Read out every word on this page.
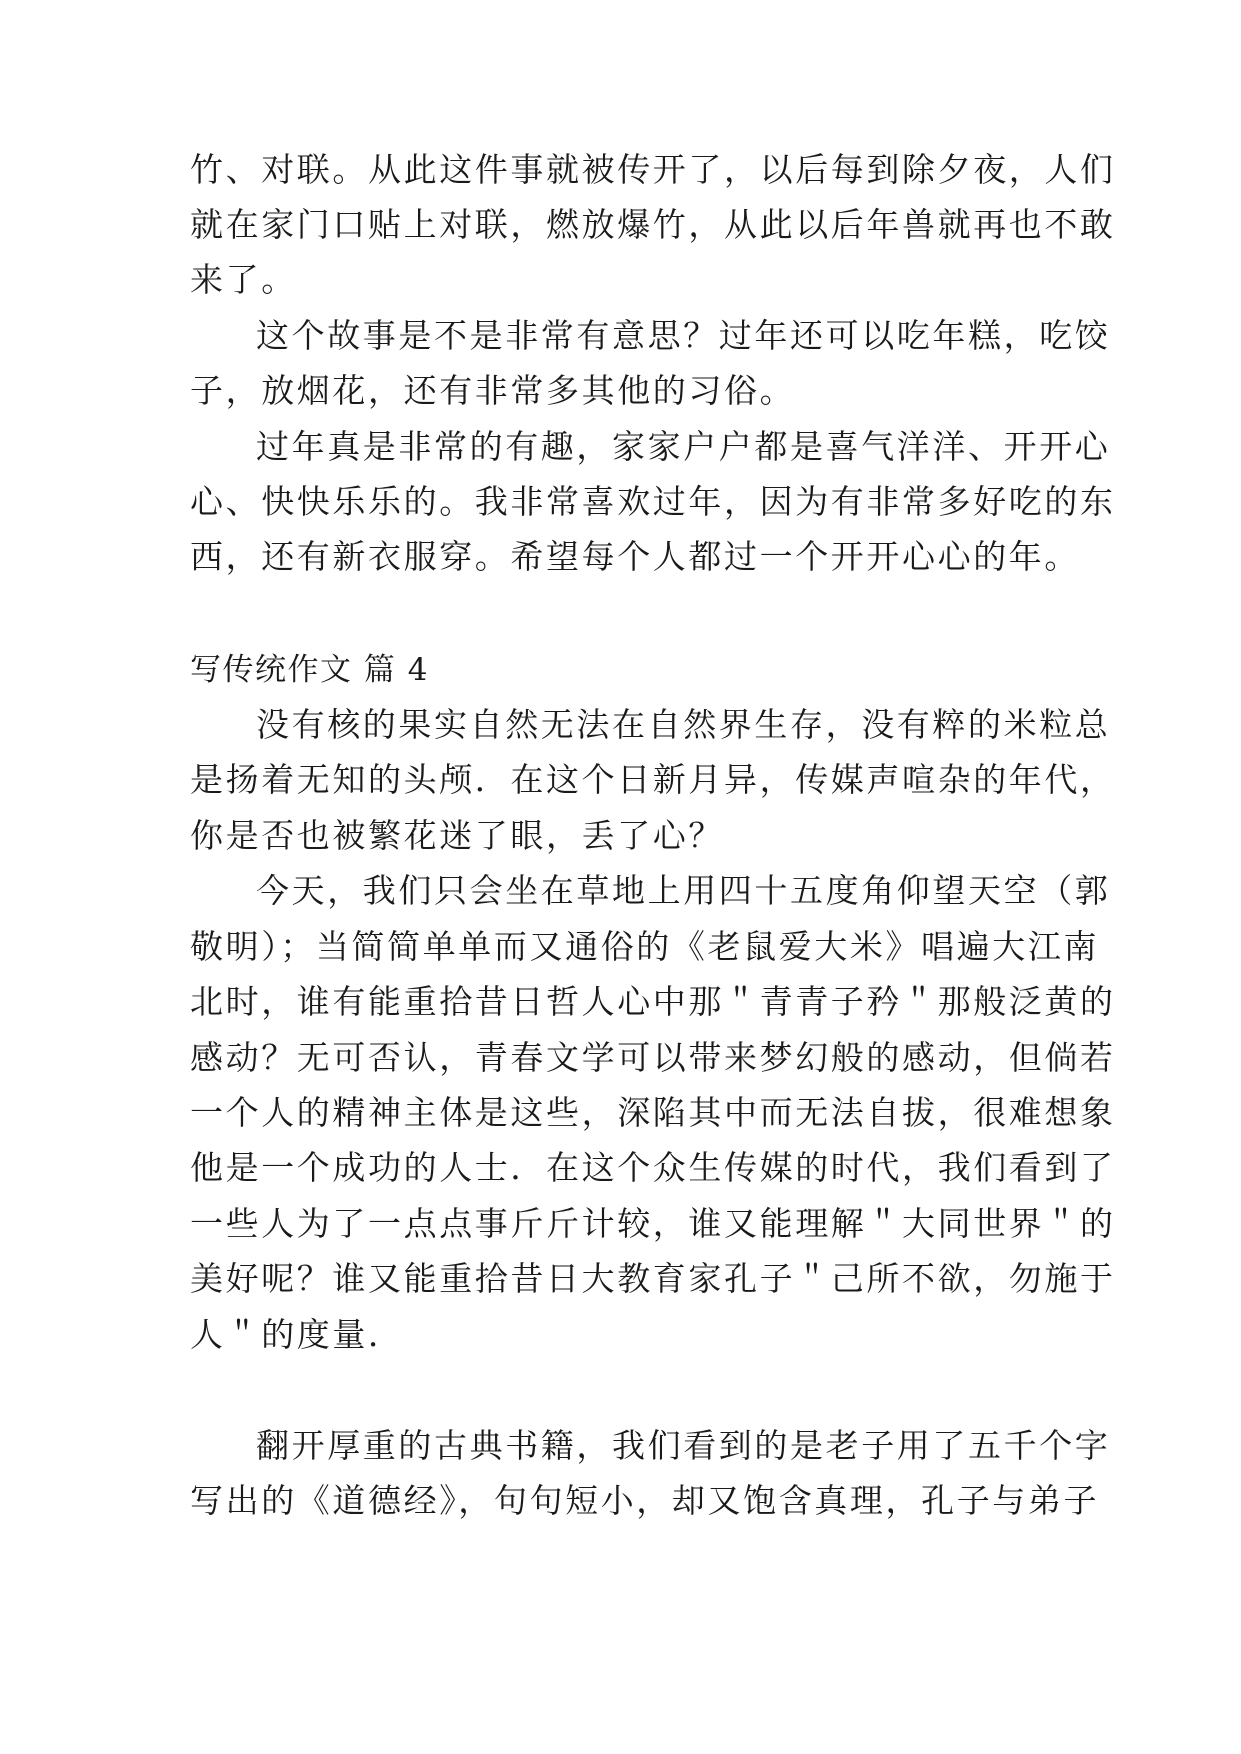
竹、对联。从此这件事就被传开了，以后每到除夕夜，人们
就在家门口贴上对联，燃放爆竹，从此以后年兽就再也不敢
来了。
这个故事是不是非常有意思？过年还可以吃年糕，吃饺
子，放烟花，还有非常多其他的习俗。
过年真是非常的有趣，家家户户都是喜气洋洋、开开心
心、快快乐乐的。我非常喜欢过年，因为有非常多好吃的东
西，还有新衣服穿。希望每个人都过一个开开心心的年。
写传统作文 篇 4
没有核的果实自然无法在自然界生存，没有粹的米粒总
是扬着无知的头颅．在这个日新月异，传媒声喧杂的年代，
你是否也被繁花迷了眼，丢了心？
今天，我们只会坐在草地上用四十五度角仰望天空（郭
敬明）；当简简单单而又通俗的《老鼠爱大米》唱遍大江南
北时，谁有能重拾昔日哲人心中那＂青青子矜＂那般泛黄的
感动？无可否认，青春文学可以带来梦幻般的感动，但倘若
一个人的精神主体是这些，深陷其中而无法自拔，很难想象
他是一个成功的人士．在这个众生传媒的时代，我们看到了
一些人为了一点点事斤斤计较，谁又能理解＂大同世界＂的
美好呢？谁又能重拾昔日大教育家孔子＂己所不欲，勿施于
人＂的度量．
翻开厚重的古典书籍，我们看到的是老子用了五千个字
写出的《道德经》，句句短小，却又饱含真理，孔子与弟子
